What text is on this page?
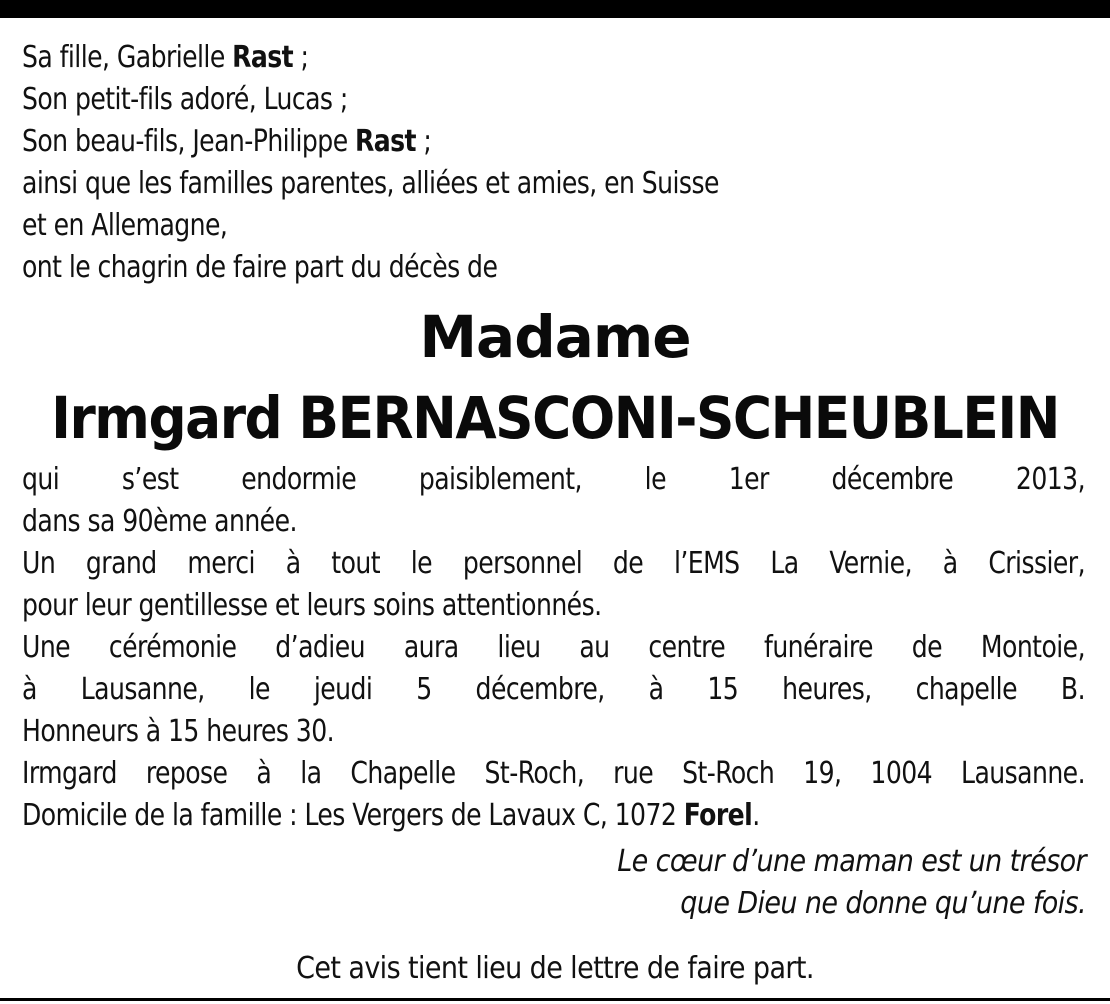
Sa fille, Gabrielle Rast ;
Son petit-fils adoré, Lucas ;
Son beau-fils, Jean-Philippe Rast ;
ainsi que les familles parentes, alliées et amies, en Suisse
et en Allemagne,
ont le chagrin de faire part du décès de
Madame
Irmgard BERNASCONI-SCHEUBLEIN
qui s’est endormie paisiblement, le 1er décembre 2013,
dans sa 90ème année.
Un grand merci à tout le personnel de l’EMS La Vernie, à Crissier,
pour leur gentillesse et leurs soins attentionnés.
Une cérémonie d’adieu aura lieu au centre funéraire de Montoie,
à Lausanne, le jeudi 5 décembre, à 15 heures, chapelle B.
Honneurs à 15 heures 30.
Irmgard repose à la Chapelle St-Roch, rue St-Roch 19, 1004 Lausanne.
Domicile de la famille : Les Vergers de Lavaux C, 1072 Forel.
Le cœur d’une maman est un trésor
que Dieu ne donne qu’une fois.
Cet avis tient lieu de lettre de faire part.
